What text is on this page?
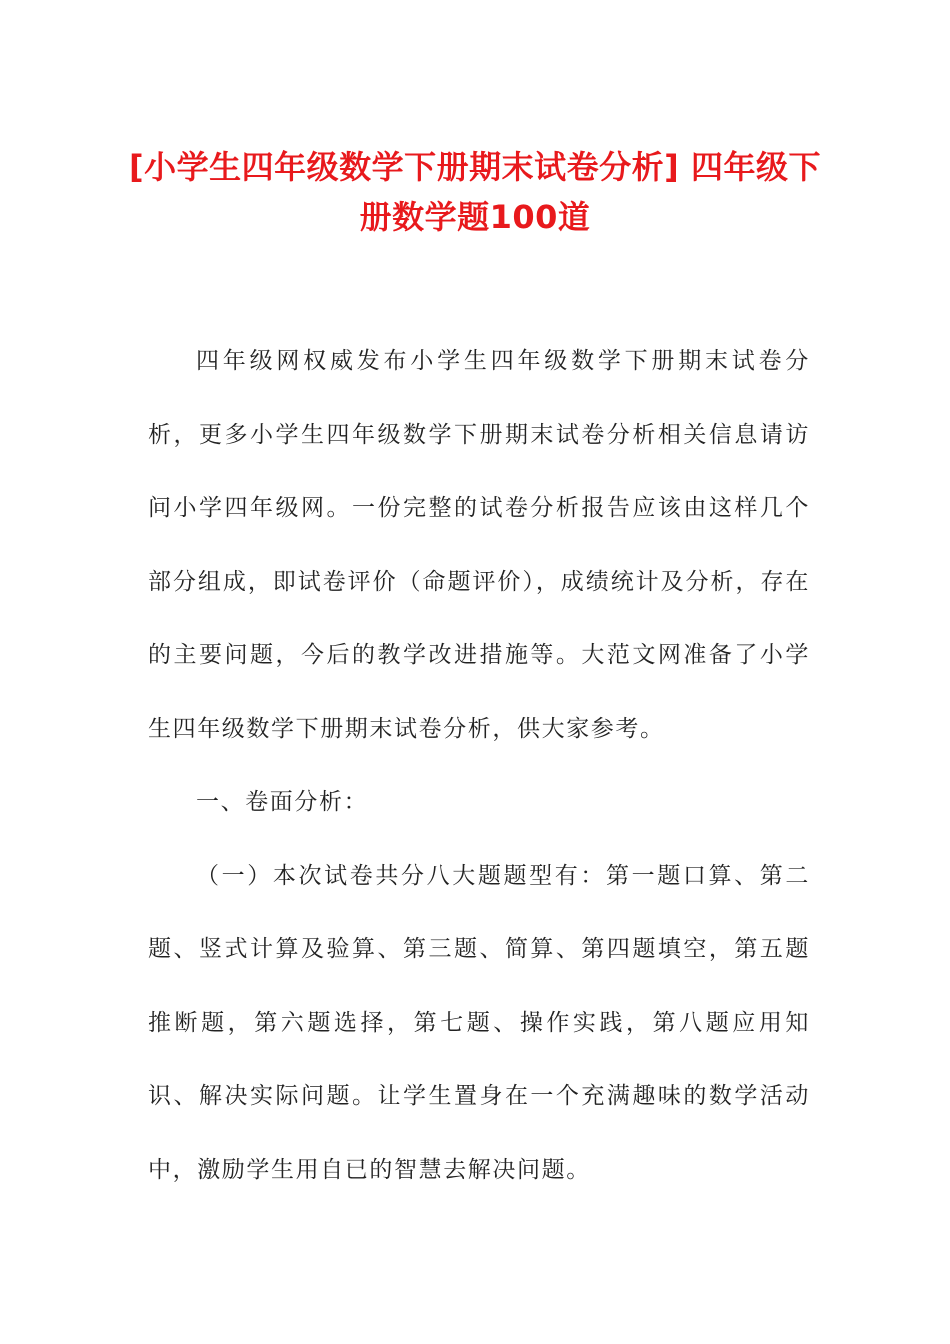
[小学生四年级数学下册期末试卷分析] 四年级下册数学题100道

四年级网权威发布小学生四年级数学下册期末试卷分析，更多小学生四年级数学下册期末试卷分析相关信息请访问小学四年级网。一份完整的试卷分析报告应该由这样几个部分组成，即试卷评价（命题评价），成绩统计及分析，存在的主要问题，今后的教学改进措施等。大范文网准备了小学生四年级数学下册期末试卷分析，供大家参考。

一、卷面分析：

（一）本次试卷共分八大题题型有：第一题口算、第二题、竖式计算及验算、第三题、简算、第四题填空，第五题推断题，第六题选择，第七题、操作实践，第八题应用知识、解决实际问题。让学生置身在一个充满趣味的数学活动中，激励学生用自已的智慧去解决问题。
